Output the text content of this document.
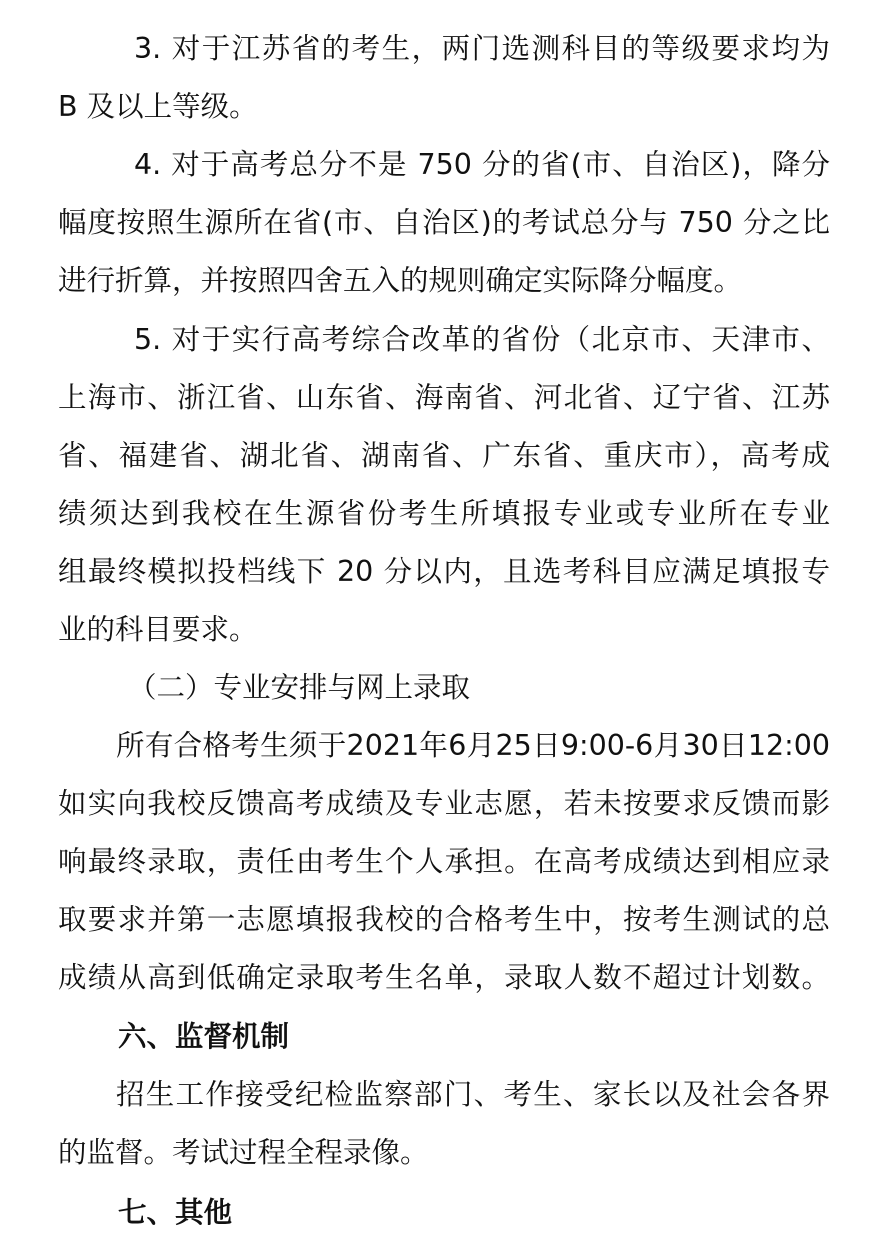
3. 对于江苏省的考生，两门选测科目的等级要求均为
B 及以上等级。
4. 对于高考总分不是 750 分的省(市、自治区)，降分
幅度按照生源所在省(市、自治区)的考试总分与 750 分之比
进行折算，并按照四舍五入的规则确定实际降分幅度。
5. 对于实行高考综合改革的省份（北京市、天津市、
上海市、浙江省、山东省、海南省、河北省、辽宁省、江苏
省、福建省、湖北省、湖南省、广东省、重庆市），高考成
绩须达到我校在生源省份考生所填报专业或专业所在专业
组最终模拟投档线下 20 分以内，且选考科目应满足填报专
业的科目要求。
（二）专业安排与网上录取
所有合格考生须于2021年6月25日9:00-6月30日12:00
如实向我校反馈高考成绩及专业志愿，若未按要求反馈而影
响最终录取，责任由考生个人承担。在高考成绩达到相应录
取要求并第一志愿填报我校的合格考生中，按考生测试的总
成绩从高到低确定录取考生名单，录取人数不超过计划数。
六、监督机制
招生工作接受纪检监察部门、考生、家长以及社会各界
的监督。考试过程全程录像。
七、其他
